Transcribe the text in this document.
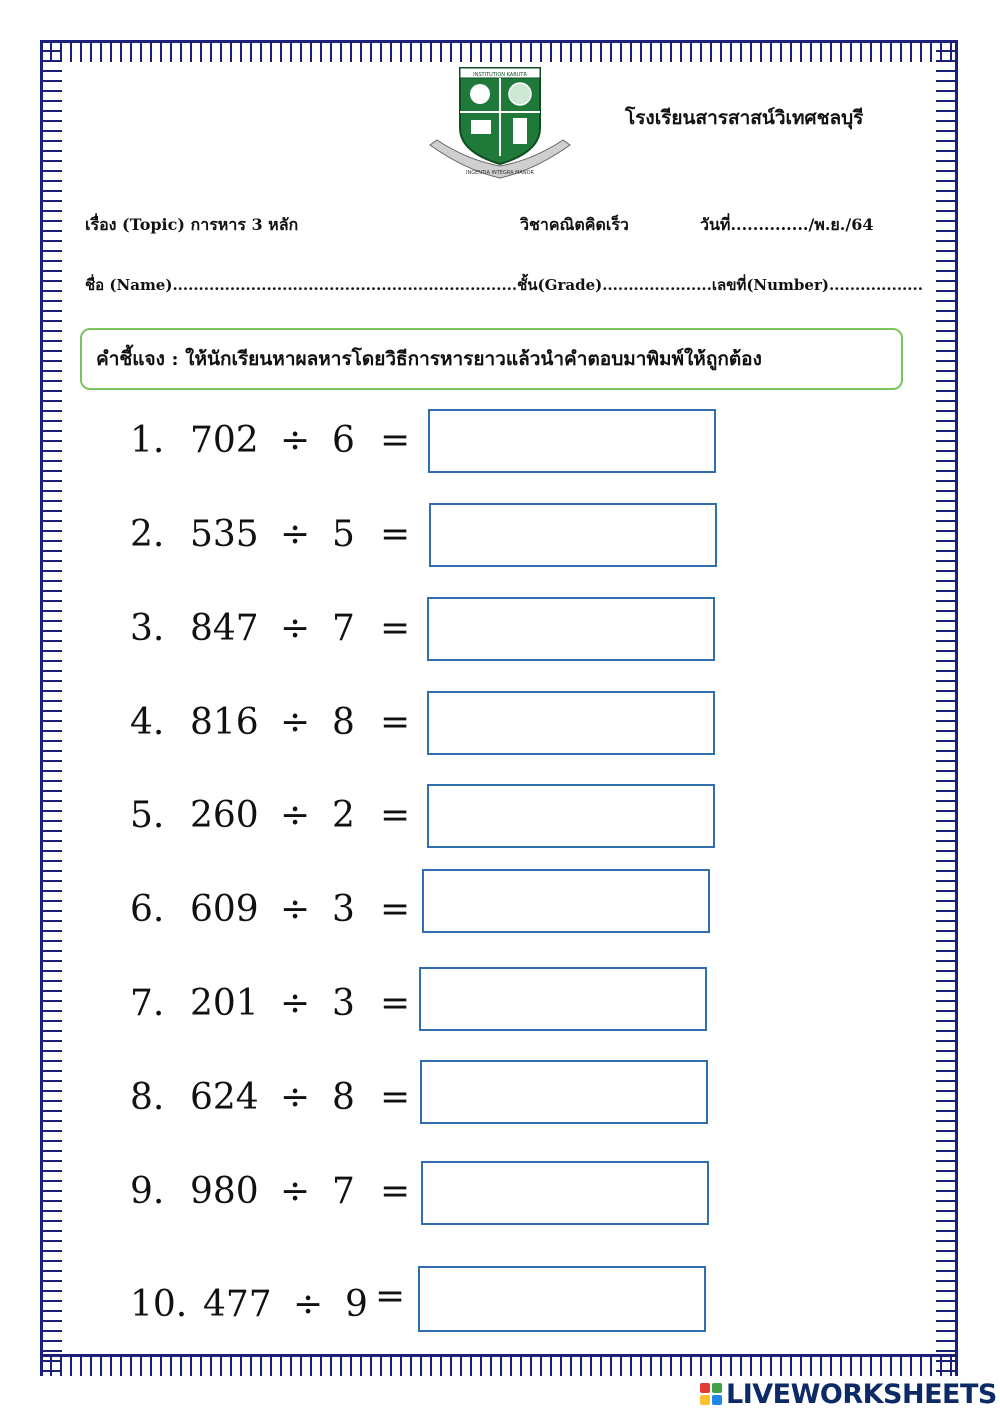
INSTITUTION KABUTR
INGENTIA INTEGRA MANOR
โรงเรียนสารสาสน์วิเทศชลบุรี
เรื่อง (Topic) การหาร 3 หลัก	วิชาคณิตคิดเร็ว	วันที่............../พ.ย./64
ชื่อ (Name)..................................................................ชั้น(Grade).....................เลขที่(Number)..................
คำชี้แจง : ให้นักเรียนหาผลหารโดยวิธีการหารยาวแล้วนำคำตอบมาพิมพ์ให้ถูกต้อง
1. 702 ÷ 6 =
2. 535 ÷ 5 =
3. 847 ÷ 7 =
4. 816 ÷ 8 =
5. 260 ÷ 2 =
6. 609 ÷ 3 =
7. 201 ÷ 3 =
8. 624 ÷ 8 =
9. 980 ÷ 7 =
10. 477 ÷ 9 =
LIVEWORKSHEETS
